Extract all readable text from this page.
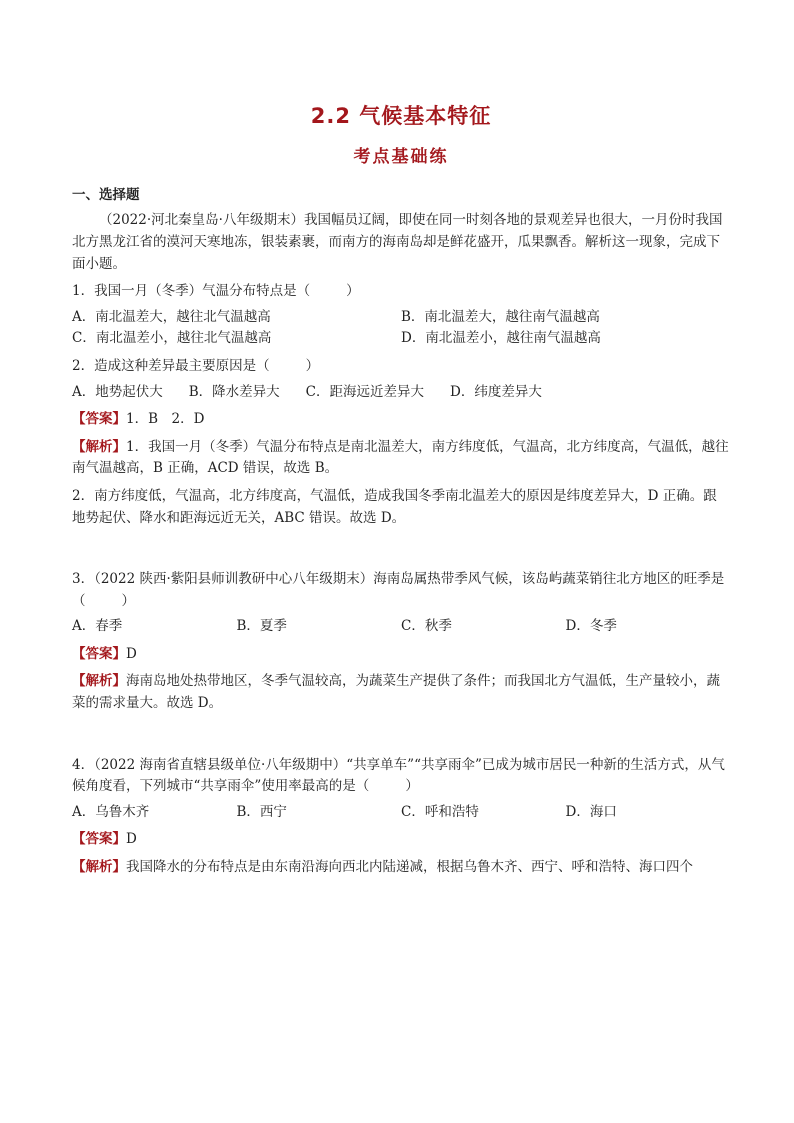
2.2 气候基本特征
考点基础练
一、选择题
（2022·河北秦皇岛·八年级期末）我国幅员辽阔，即使在同一时刻各地的景观差异也很大，一月份时我国北方黑龙江省的漠河天寒地冻，银装素裹，而南方的海南岛却是鲜花盛开，瓜果飘香。解析这一现象，完成下面小题。
1．我国一月（冬季）气温分布特点是（	）
A．南北温差大，越往北气温越高	B．南北温差大，越往南气温越高
C．南北温差小，越往北气温越高	D．南北温差小，越往南气温越高
2．造成这种差异最主要原因是（	）
A．地势起伏大 B．降水差异大 C．距海远近差异大 D．纬度差异大
【答案】1．B　2．D
【解析】1．我国一月（冬季）气温分布特点是南北温差大，南方纬度低，气温高，北方纬度高，气温低，越往南气温越高，B 正确，ACD 错误，故选 B。
2．南方纬度低，气温高，北方纬度高，气温低，造成我国冬季南北温差大的原因是纬度差异大，D 正确。跟地势起伏、降水和距海远近无关，ABC 错误。故选 D。
3．（2022 陕西·紫阳县师训教研中心八年级期末）海南岛属热带季风气候，该岛屿蔬菜销往北方地区的旺季是（	）
A．春季	B．夏季	C．秋季	D．冬季
【答案】D
【解析】海南岛地处热带地区，冬季气温较高，为蔬菜生产提供了条件；而我国北方气温低，生产量较小，蔬菜的需求量大。故选 D。
4．（2022 海南省直辖县级单位·八年级期中）“共享单车”“共享雨伞”已成为城市居民一种新的生活方式，从气候角度看，下列城市“共享雨伞”使用率最高的是（	）
A．乌鲁木齐	B．西宁	C．呼和浩特	D．海口
【答案】D
【解析】我国降水的分布特点是由东南沿海向西北内陆递减，根据乌鲁木齐、西宁、呼和浩特、海口四个
